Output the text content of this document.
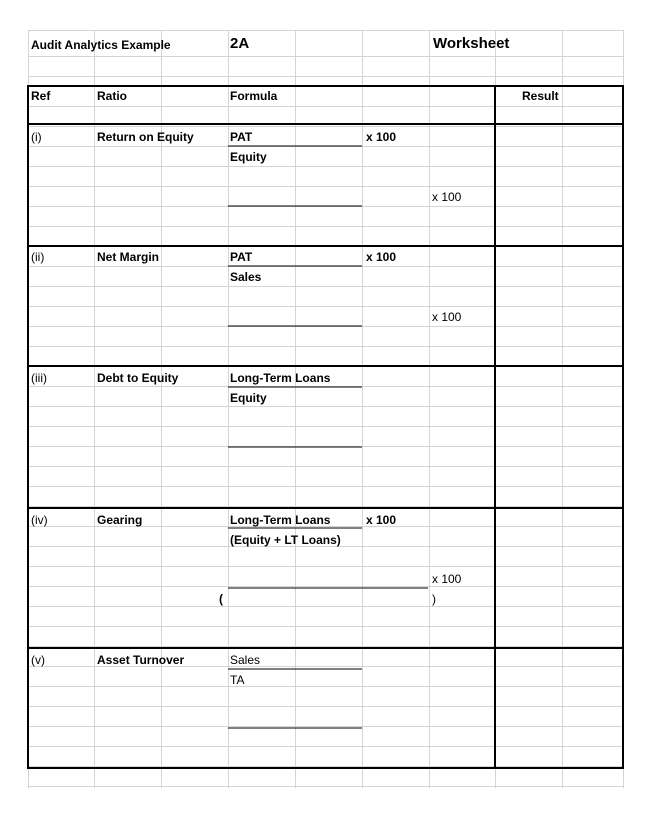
Audit Analytics Example	2A	Worksheet
Ref	Ratio	Formula	Result
(i)	Return on Equity	PAT	x 100
Equity
x 100
(ii)	Net Margin	PAT	x 100
Sales
x 100
(iii)	Debt to Equity	Long-Term Loans
Equity
(iv)	Gearing	Long-Term Loans	x 100
(Equity + LT Loans)
x 100
(	)
(v)	Asset Turnover	Sales
TA
